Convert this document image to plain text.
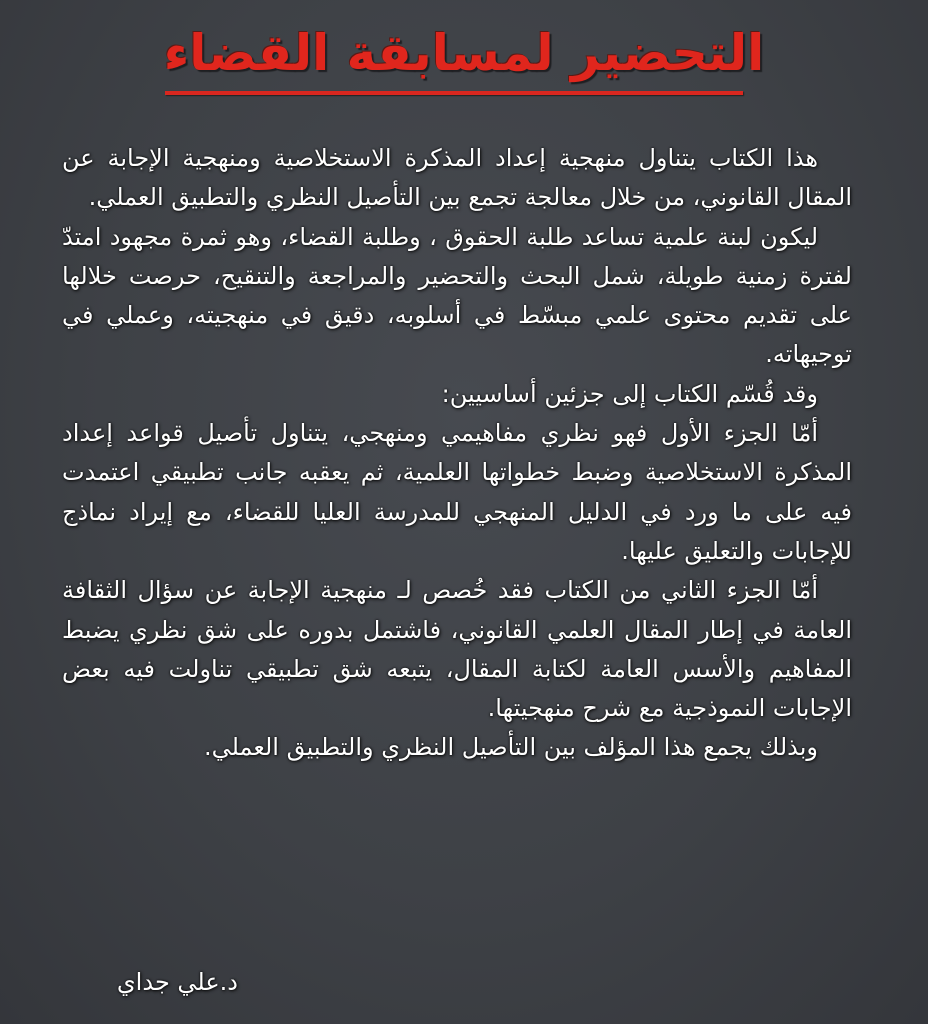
التحضير لمسابقة القضاء

هذا الكتاب يتناول منهجية إعداد المذكرة الاستخلاصية ومنهجية الإجابة عن المقال القانوني، من خلال معالجة تجمع بين التأصيل النظري والتطبيق العملي.

ليكون لبنة علمية تساعد طلبة الحقوق ، وطلبة القضاء، وهو ثمرة مجهود امتدّ لفترة زمنية طويلة، شمل البحث والتحضير والمراجعة والتنقيح، حرصت خلالها على تقديم محتوى علمي مبسّط في أسلوبه، دقيق في منهجيته، وعملي في توجيهاته.

وقد قُسّم الكتاب إلى جزئين أساسيين:

أمّا الجزء الأول فهو نظري مفاهيمي ومنهجي، يتناول تأصيل قواعد إعداد المذكرة الاستخلاصية وضبط خطواتها العلمية، ثم يعقبه جانب تطبيقي اعتمدت فيه على ما ورد في الدليل المنهجي للمدرسة العليا للقضاء، مع إيراد نماذج للإجابات والتعليق عليها.

أمّا الجزء الثاني من الكتاب فقد خُصص لـ منهجية الإجابة عن سؤال الثقافة العامة في إطار المقال العلمي القانوني، فاشتمل بدوره على شق نظري يضبط المفاهيم والأسس العامة لكتابة المقال، يتبعه شق تطبيقي تناولت فيه بعض الإجابات النموذجية مع شرح منهجيتها.

وبذلك يجمع هذا المؤلف بين التأصيل النظري والتطبيق العملي.

د.علي جداي
